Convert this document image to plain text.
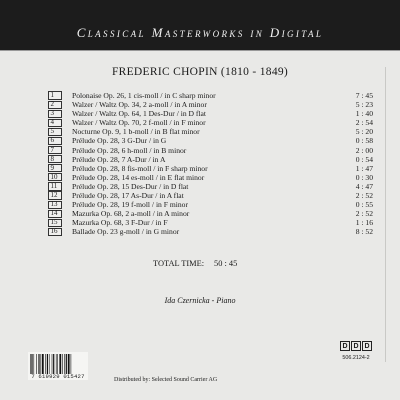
Classical Masterworks in Digital
FREDERIC CHOPIN (1810 - 1849)
1	Polonaise Op. 26, 1 cis-moll / in C sharp minor	7 : 45
2	Walzer / Waltz Op. 34, 2 a-moll / in A minor	5 : 23
3	Walzer / Waltz Op. 64, 1 Des-Dur / in D flat	1 : 40
4	Walzer / Waltz Op. 70, 2 f-moll / in F minor	2 : 54
5	Nocturne Op. 9, 1 b-moll / in B flat minor	5 : 20
6	Prélude Op. 28, 3 G-Dur / in G	0 : 58
7	Prélude Op. 28, 6 h-moll / in B minor	2 : 00
8	Prélude Op. 28, 7 A-Dur / in A	0 : 54
9	Prélude Op. 28, 8 fis-moll / in F sharp minor	1 : 47
10	Prélude Op. 28, 14 es-moll / in E flat minor	0 : 30
11	Prélude Op. 28, 15 Des-Dur / in D flat	4 : 47
12	Prélude Op. 28, 17 As-Dur / in A flat	2 : 52
13	Prélude Op. 28, 19 f-moll / in F minor	0 : 55
14	Mazurka Op. 68, 2 a-moll / in A minor	2 : 52
15	Mazurka Op. 68, 3 F-Dur / in F	1 : 16
16	Ballade Op. 23 g-moll / in G minor	8 : 52
TOTAL TIME: 50 : 45
Ida Czernicka - Piano
7 619929 015427	Distributed by: Selected Sound Carrier AG
D D D
506.2124-2
